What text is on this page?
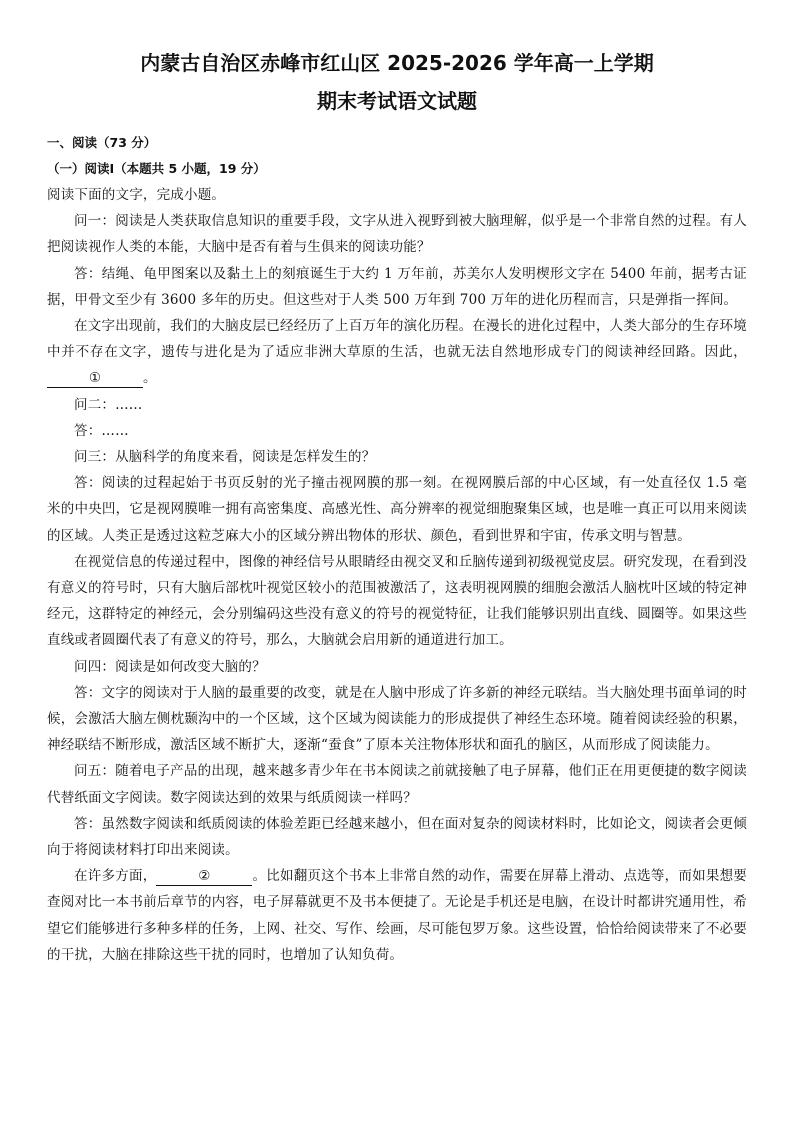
内蒙古自治区赤峰市红山区 2025-2026 学年高一上学期
期末考试语文试题

一、阅读（73 分）

（一）阅读Ⅰ（本题共 5 小题，19 分）

阅读下面的文字，完成小题。

问一：阅读是人类获取信息知识的重要手段，文字从进入视野到被大脑理解，似乎是一个非常自然的过程。有人把阅读视作人类的本能，大脑中是否有着与生俱来的阅读功能？

答：结绳、龟甲图案以及黏土上的刻痕诞生于大约 1 万年前，苏美尔人发明楔形文字在 5400 年前，据考古证据，甲骨文至少有 3600 多年的历史。但这些对于人类 500 万年到 700 万年的进化历程而言，只是弹指一挥间。

在文字出现前，我们的大脑皮层已经经历了上百万年的演化历程。在漫长的进化过程中，人类大部分的生存环境中并不存在文字，遗传与进化是为了适应非洲大草原的生活，也就无法自然地形成专门的阅读神经回路。因此，①	。

问二：……

答：……

问三：从脑科学的角度来看，阅读是怎样发生的？

答：阅读的过程起始于书页反射的光子撞击视网膜的那一刻。在视网膜后部的中心区域，有一处直径仅 1.5 毫米的中央凹，它是视网膜唯一拥有高密集度、高感光性、高分辨率的视觉细胞聚集区域，也是唯一真正可以用来阅读的区域。人类正是透过这粒芝麻大小的区域分辨出物体的形状、颜色，看到世界和宇宙，传承文明与智慧。

在视觉信息的传递过程中，图像的神经信号从眼睛经由视交叉和丘脑传递到初级视觉皮层。研究发现，在看到没有意义的符号时，只有大脑后部枕叶视觉区较小的范围被激活了，这表明视网膜的细胞会激活人脑枕叶区域的特定神经元，这群特定的神经元，会分别编码这些没有意义的符号的视觉特征，让我们能够识别出直线、圆圈等。如果这些直线或者圆圈代表了有意义的符号，那么，大脑就会启用新的通道进行加工。

问四：阅读是如何改变大脑的？

答：文字的阅读对于人脑的最重要的改变，就是在人脑中形成了许多新的神经元联结。当大脑处理书面单词的时候，会激活大脑左侧枕颞沟中的一个区域，这个区域为阅读能力的形成提供了神经生态环境。随着阅读经验的积累，神经联结不断形成，激活区域不断扩大，逐渐“蚕食”了原本关注物体形状和面孔的脑区，从而形成了阅读能力。

问五：随着电子产品的出现，越来越多青少年在书本阅读之前就接触了电子屏幕，他们正在用更便捷的数字阅读代替纸面文字阅读。数字阅读达到的效果与纸质阅读一样吗？

答：虽然数字阅读和纸质阅读的体验差距已经越来越小，但在面对复杂的阅读材料时，比如论文，阅读者会更倾向于将阅读材料打印出来阅读。

在许多方面，	②	。比如翻页这个书本上非常自然的动作，需要在屏幕上滑动、点选等，而如果想要查阅对比一本书前后章节的内容，电子屏幕就更不及书本便捷了。无论是手机还是电脑，在设计时都讲究通用性，希望它们能够进行多种多样的任务，上网、社交、写作、绘画，尽可能包罗万象。这些设置，恰恰给阅读带来了不必要的干扰，大脑在排除这些干扰的同时，也增加了认知负荷。
